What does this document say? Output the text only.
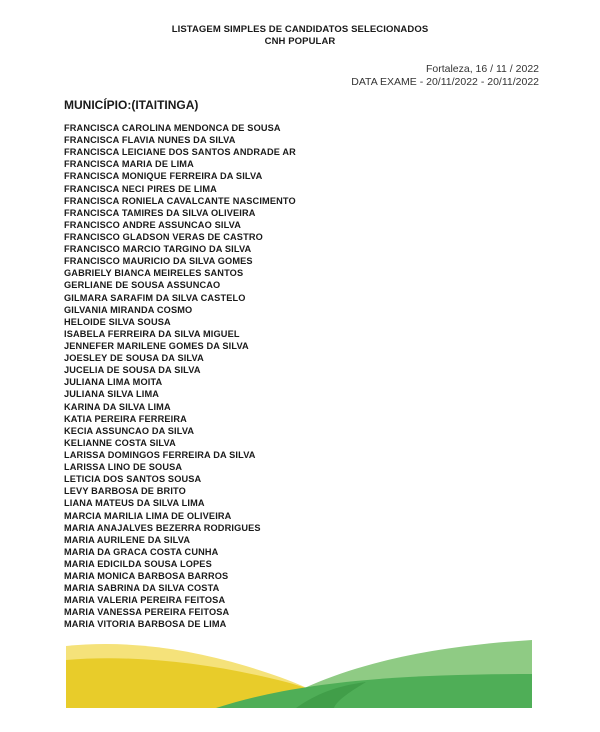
LISTAGEM SIMPLES DE CANDIDATOS SELECIONADOS
CNH POPULAR
Fortaleza, 16 / 11 / 2022
DATA EXAME - 20/11/2022 - 20/11/2022
MUNICÍPIO:(ITAITINGA)
FRANCISCA CAROLINA MENDONCA DE SOUSA
FRANCISCA FLAVIA NUNES DA SILVA
FRANCISCA LEICIANE DOS SANTOS ANDRADE AR
FRANCISCA MARIA DE LIMA
FRANCISCA MONIQUE FERREIRA DA SILVA
FRANCISCA NECI PIRES DE LIMA
FRANCISCA RONIELA CAVALCANTE NASCIMENTO
FRANCISCA TAMIRES DA SILVA OLIVEIRA
FRANCISCO ANDRE ASSUNCAO SILVA
FRANCISCO GLADSON VERAS DE CASTRO
FRANCISCO MARCIO TARGINO DA SILVA
FRANCISCO MAURICIO DA SILVA GOMES
GABRIELY BIANCA MEIRELES SANTOS
GERLIANE DE SOUSA ASSUNCAO
GILMARA SARAFIM DA SILVA CASTELO
GILVANIA MIRANDA COSMO
HELOIDE SILVA SOUSA
ISABELA FERREIRA DA SILVA MIGUEL
JENNEFER MARILENE GOMES DA SILVA
JOESLEY DE SOUSA DA SILVA
JUCELIA DE SOUSA DA SILVA
JULIANA LIMA MOITA
JULIANA SILVA LIMA
KARINA DA SILVA LIMA
KATIA PEREIRA FERREIRA
KECIA ASSUNCAO DA SILVA
KELIANNE COSTA SILVA
LARISSA DOMINGOS FERREIRA DA SILVA
LARISSA LINO DE SOUSA
LETICIA DOS SANTOS SOUSA
LEVY BARBOSA DE BRITO
LIANA MATEUS DA SILVA LIMA
MARCIA MARILIA LIMA DE OLIVEIRA
MARIA ANAJALVES BEZERRA RODRIGUES
MARIA AURILENE DA SILVA
MARIA DA GRACA COSTA CUNHA
MARIA EDICILDA SOUSA LOPES
MARIA MONICA BARBOSA BARROS
MARIA SABRINA DA SILVA COSTA
MARIA VALERIA PEREIRA FEITOSA
MARIA VANESSA PEREIRA FEITOSA
MARIA VITORIA BARBOSA DE LIMA
